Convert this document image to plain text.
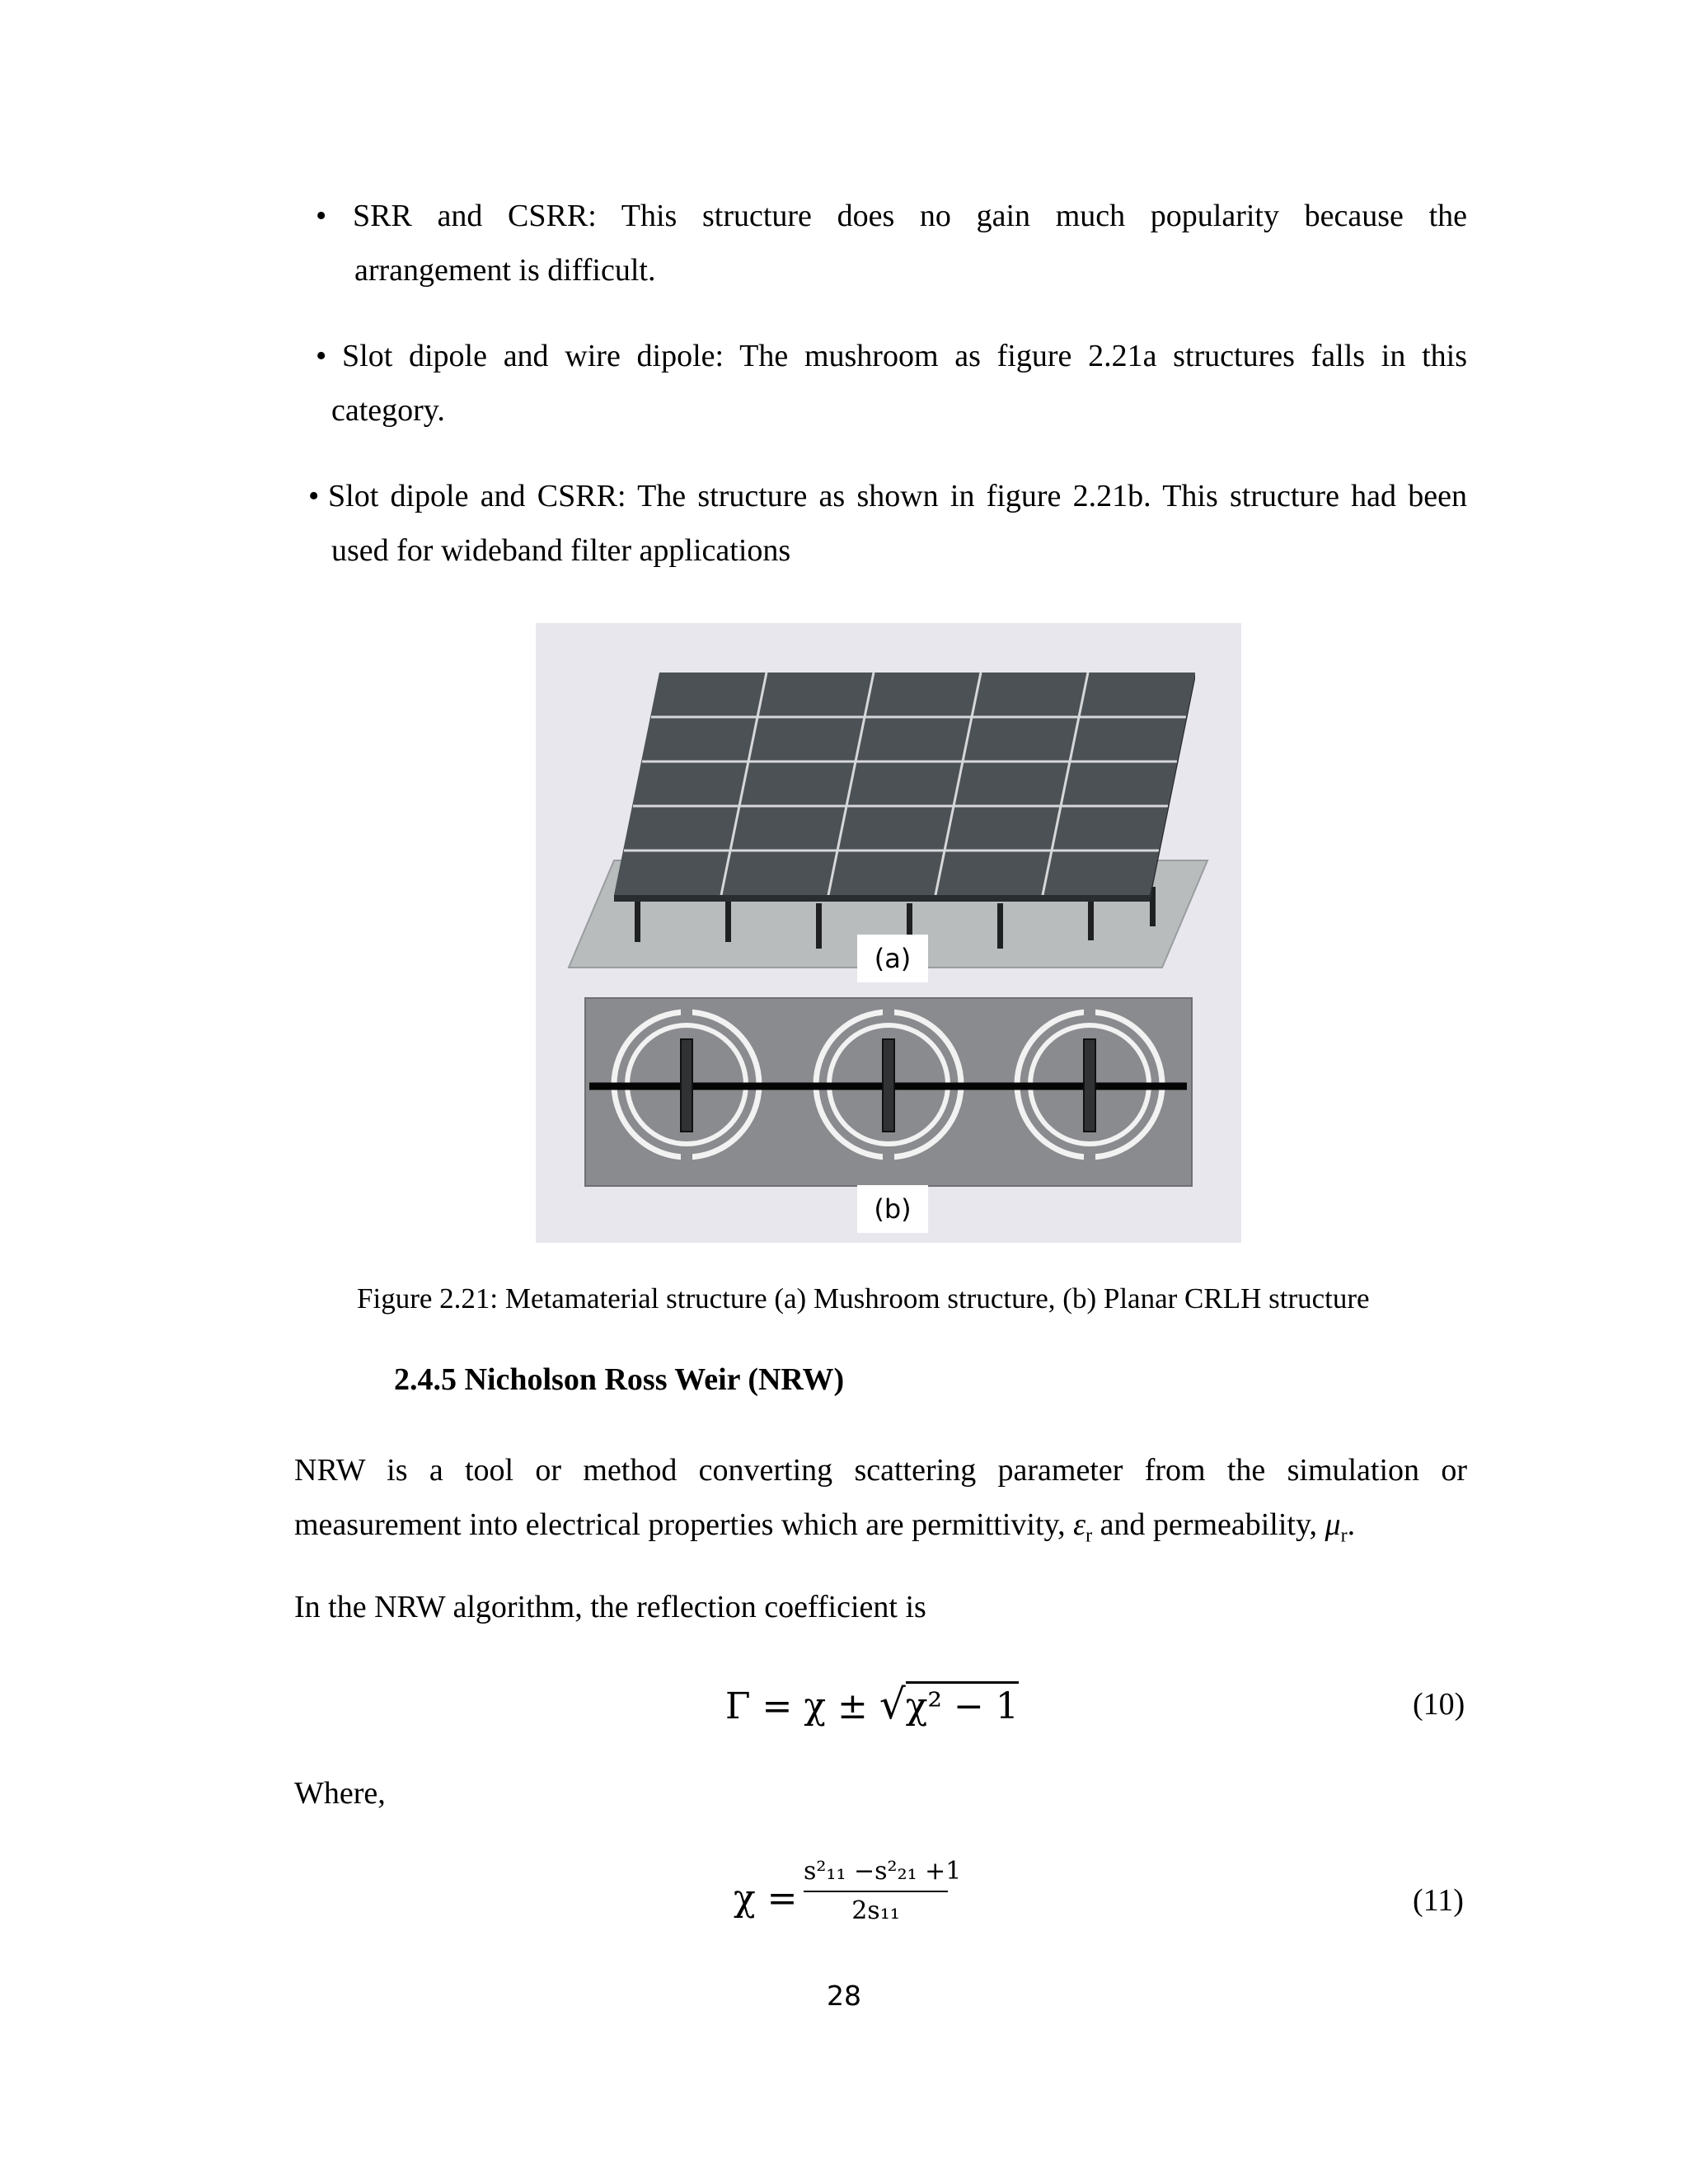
• SRR and CSRR: This structure does no gain much popularity because the
arrangement is difficult.
• Slot dipole and wire dipole: The mushroom as figure 2.21a structures falls in this
category.
• Slot dipole and CSRR: The structure as shown in figure 2.21b. This structure had been
used for wideband filter applications
(a)
(b)
Figure 2.21: Metamaterial structure (a) Mushroom structure, (b) Planar CRLH structure
2.4.5 Nicholson Ross Weir (NRW)
NRW is a tool or method converting scattering parameter from the simulation or
measurement into electrical properties which are permittivity, $\varepsilon_r$ and permeability, $\mu_r$.
In the NRW algorithm, the reflection coefficient is
Γ = χ ± √χ² − 1	(10)
Where,
χ =
s²₁₁ −s²₂₁ +1
2s₁₁	(11)
28
